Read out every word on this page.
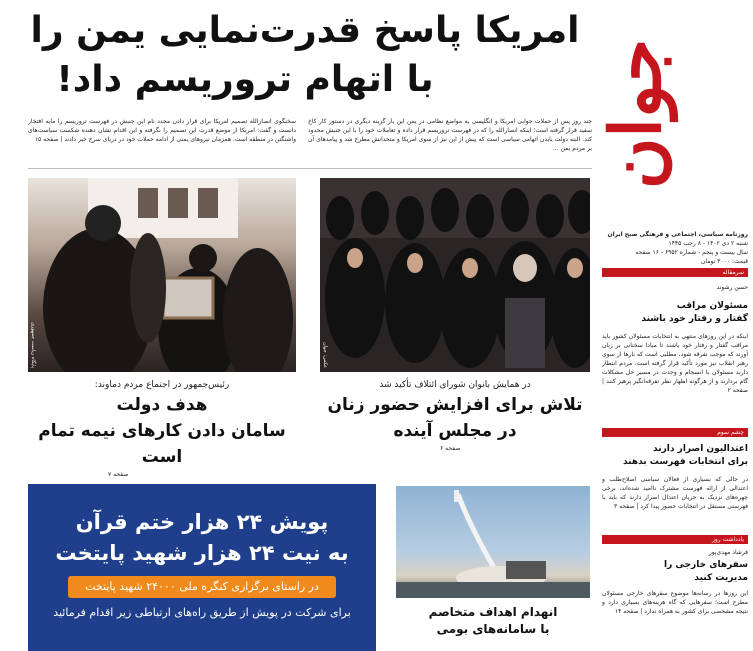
جوان
روزنامه سیاسی، اجتماعی و فرهنگی صبح ایران
شنبه ۲ دی ۱۴۰۲ - ۸ رجب ۱۴۴۵
سال بیست و پنجم - شماره ۶۹۵۲ - ۱۶ صفحه
قیمت: ۳۰۰۰ تومان
امریکا پاسخ قدرت‌نمایی یمن را
با اتهام تروریسم داد!
چند روز پس از حملات جوابی امریکا و انگلیسی به مواضع نظامی در یمن این بار گزینه دیگری در دستور کار کاخ سفید قرار گرفته است؛ اینکه انصارالله را که در فهرست تروریسم قرار داده و تعاملات خود را با این جنبش محدود کند. البته دولت بایدن اتهامی سیاسی است که پیش از این نیز از سوی امریکا و متحدانش مطرح شد و پیامدهای آن بر مردم یمن ...
سخنگوی انصارالله تصمیم امریکا برای قرار دادن مجدد نام این جنبش در فهرست تروریسم را مایه افتخار دانست و گفت: امریکا از موضع قدرت این تصمیم را نگرفته و این اقدام نشان دهنده شکست سیاست‌های واشنگتن در منطقه است. همزمان نیروهای یمنی از ادامه حملات خود در دریای سرخ خبر دادند | صفحه ۱۵
پایگاه ریاست جمهوری
رئیس‌جمهور در اجتماع مردم دماوند:
هدف دولت
سامان دادن کارهای نیمه تمام است
صفحه ۷
عکس: جوان
در همایش بانوان شورای ائتلاف تأکید شد
تلاش برای افزایش حضور زنان
در مجلس آینده
صفحه ۶
پویش ۲۴ هزار ختم قرآن
به نیت ۲۴ هزار شهید پایتخت
در راستای برگزاری کنگره ملی ۲۴۰۰۰ شهید پایتخت
برای شرکت در پویش از طریق راه‌های ارتباطی زیر اقدام فرمائید	انهدام اهداف متخاصم
با سامانه‌های بومی
سرمقاله
حسن رشوند
مسئولان مراقب
گفتار و رفتار خود باشند
اینکه در این روزهای منتهی به انتخابات مسئولان کشور باید مراقب گفتار و رفتار خود باشند تا مبادا سخنانی بر زبان آورند که موجب تفرقه شود، مطلبی است که بارها از سوی رهبر انقلاب نیز مورد تأکید قرار گرفته است. مردم انتظار دارند مسئولان با انسجام و وحدت در مسیر حل مشکلات گام بردارند و از هرگونه اظهار نظر تفرقه‌انگیز پرهیز کنند | صفحه ۲
چشم سوم
اعتدالیون اصرار دارند
برای انتخابات فهرست بدهند
در حالی که بسیاری از فعالان سیاسی اصلاح‌طلب و اعتدالی از ارائه فهرست مشترک ناامید شده‌اند، برخی چهره‌های نزدیک به جریان اعتدال اصرار دارند که باید با فهرستی مستقل در انتخابات حضور پیدا کرد | صفحه ۳
یادداشت روز
فرشاد مهدی‌پور
سفرهای خارجی را
مدیریت کنید
این روزها در رسانه‌ها موضوع سفرهای خارجی مسئولان مطرح است؛ سفرهایی که گاه هزینه‌های بسیاری دارد و نتیجه مشخصی برای کشور به همراه ندارد | صفحه ۱۴
